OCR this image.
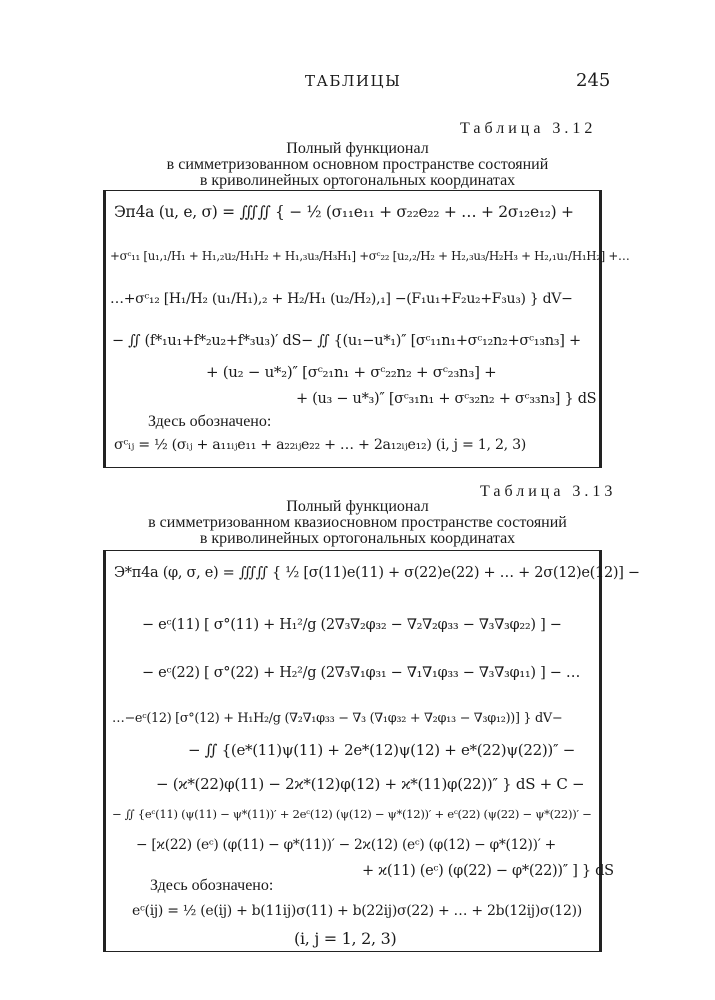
ТАБЛИЦЫ	245
Таблица 3.12
Полный функционал
в симметризованном основном пространстве состояний
в криволинейных ортогональных координатах
Эп4а (u, e, σ) = ∭∬ { − ½ (σ₁₁e₁₁ + σ₂₂e₂₂ + … + 2σ₁₂e₁₂) +
+σᶜ₁₁ [u₁,₁/H₁ + H₁,₂u₂/H₁H₂ + H₁,₃u₃/H₃H₁] +σᶜ₂₂ [u₂,₂/H₂ + H₂,₃u₃/H₂H₃ + H₂,₁u₁/H₁H₂] +…
…+σᶜ₁₂ [H₁/H₂ (u₁/H₁),₂ + H₂/H₁ (u₂/H₂),₁] −(F₁u₁+F₂u₂+F₃u₃) } dV−
− ∬ (f*₁u₁+f*₂u₂+f*₃u₃)′ dS− ∬ {(u₁−u*₁)″ [σᶜ₁₁n₁+σᶜ₁₂n₂+σᶜ₁₃n₃] +
+ (u₂ − u*₂)″ [σᶜ₂₁n₁ + σᶜ₂₂n₂ + σᶜ₂₃n₃] +
+ (u₃ − u*₃)″ [σᶜ₃₁n₁ + σᶜ₃₂n₂ + σᶜ₃₃n₃] } dS
Здесь обозначено:
σᶜᵢⱼ = ½ (σᵢⱼ + a₁₁ᵢⱼe₁₁ + a₂₂ᵢⱼe₂₂ + … + 2a₁₂ᵢⱼe₁₂) (i, j = 1, 2, 3)
Таблица 3.13
Полный функционал
в симметризованном квазиосновном пространстве состояний
в криволинейных ортогональных координатах
Э*п4а (φ, σ, e) = ∭∬ { ½ [σ(11)e(11) + σ(22)e(22) + … + 2σ(12)e(12)] −
− eᶜ(11) [ σ°(11) + H₁²/g (2∇₃∇₂φ₃₂ − ∇₂∇₂φ₃₃ − ∇₃∇₃φ₂₂) ] −
− eᶜ(22) [ σ°(22) + H₂²/g (2∇₃∇₁φ₃₁ − ∇₁∇₁φ₃₃ − ∇₃∇₃φ₁₁) ] − …
…−eᶜ(12) [σ°(12) + H₁H₂/g (∇₂∇₁φ₃₃ − ∇₃ (∇₁φ₃₂ + ∇₂φ₁₃ − ∇₃φ₁₂))] } dV−
− ∬ {(e*(11)ψ(11) + 2e*(12)ψ(12) + e*(22)ψ(22))″ −
− (ϰ*(22)φ(11) − 2ϰ*(12)φ(12) + ϰ*(11)φ(22))″ } dS + C −
− ∬ {eᶜ(11) (ψ(11) − ψ*(11))′ + 2eᶜ(12) (ψ(12) − ψ*(12))′ + eᶜ(22) (ψ(22) − ψ*(22))′ −
− [ϰ(22) (eᶜ) (φ(11) − φ*(11))′ − 2ϰ(12) (eᶜ) (φ(12) − φ*(12))′ +
+ ϰ(11) (eᶜ) (φ(22) − φ*(22))″ ] } dS
Здесь обозначено:
eᶜ(ij) = ½ (e(ij) + b(11ij)σ(11) + b(22ij)σ(22) + … + 2b(12ij)σ(12))
(i, j = 1, 2, 3)
